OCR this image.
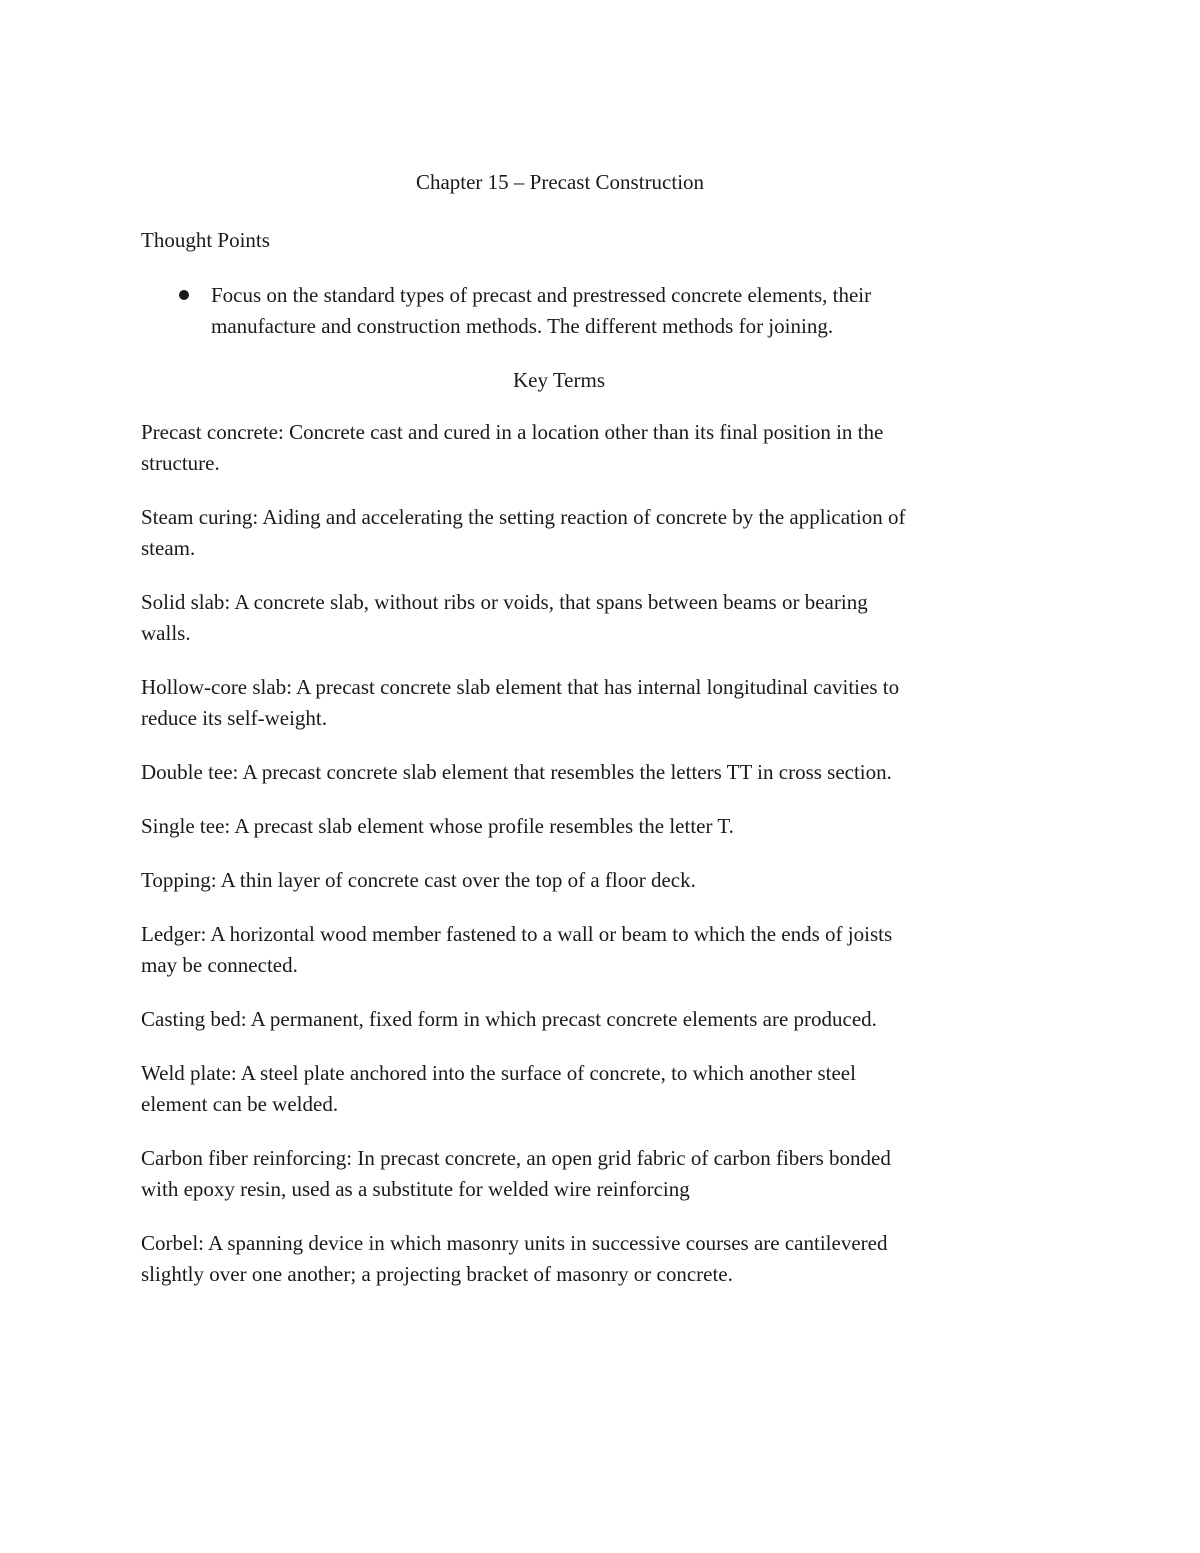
Chapter 15 – Precast Construction
Thought Points
Focus on the standard types of precast and prestressed concrete elements, their manufacture and construction methods. The different methods for joining.
Key Terms

Precast concrete: Concrete cast and cured in a location other than its final position in the structure.

Steam curing: Aiding and accelerating the setting reaction of concrete by the application of steam.

Solid slab: A concrete slab, without ribs or voids, that spans between beams or bearing walls.

Hollow-core slab: A precast concrete slab element that has internal longitudinal cavities to reduce its self-weight.

Double tee: A precast concrete slab element that resembles the letters TT in cross section.

Single tee: A precast slab element whose profile resembles the letter T.

Topping: A thin layer of concrete cast over the top of a floor deck.

Ledger: A horizontal wood member fastened to a wall or beam to which the ends of joists may be connected.

Casting bed: A permanent, fixed form in which precast concrete elements are produced.

Weld plate: A steel plate anchored into the surface of concrete, to which another steel element can be welded.

Carbon fiber reinforcing: In precast concrete, an open grid fabric of carbon fibers bonded with epoxy resin, used as a substitute for welded wire reinforcing

Corbel: A spanning device in which masonry units in successive courses are cantilevered slightly over one another; a projecting bracket of masonry or concrete.
